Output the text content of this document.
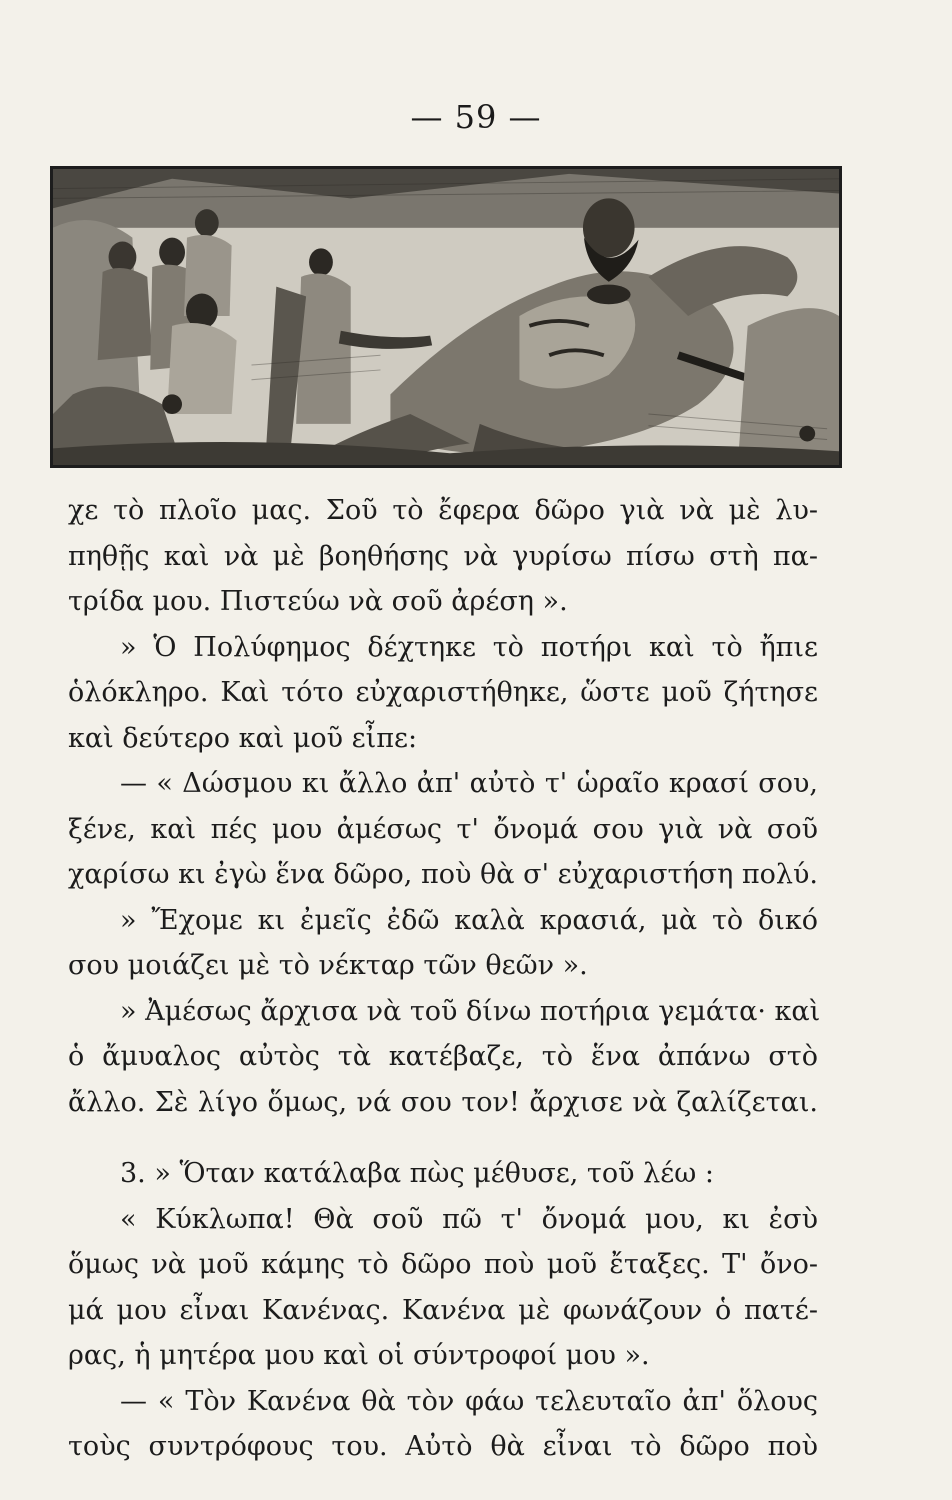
— 59 —
χε τὸ πλοῖο μας. Σοῦ τὸ ἔφερα δῶρο γιὰ νὰ μὲ λυ-
πηθῇς καὶ νὰ μὲ βοηθήσης νὰ γυρίσω πίσω στὴ πα-
τρίδα μου. Πιστεύω νὰ σοῦ ἀρέση ».
» Ὁ Πολύφημος δέχτηκε τὸ ποτήρι καὶ τὸ ἤπιε
ὁλόκληρο. Καὶ τότο εὐχαριστήθηκε, ὥστε μοῦ ζήτησε
καὶ δεύτερο καὶ μοῦ εἶπε:
— « Δώσμου κι ἄλλο ἀπ' αὐτὸ τ' ὡραῖο κρασί σου,
ξένε, καὶ πές μου ἀμέσως τ' ὄνομά σου γιὰ νὰ σοῦ
χαρίσω κι ἐγὼ ἕνα δῶρο, ποὺ θὰ σ' εὐχαριστήση πολύ.
» Ἔχομε κι ἐμεῖς ἐδῶ καλὰ κρασιά, μὰ τὸ δικό
σου μοιάζει μὲ τὸ νέκταρ τῶν θεῶν ».
» Ἀμέσως ἄρχισα νὰ τοῦ δίνω ποτήρια γεμάτα· καὶ
ὁ ἄμυαλος αὐτὸς τὰ κατέβαζε, τὸ ἕνα ἀπάνω στὸ
ἄλλο. Σὲ λίγο ὅμως, νά σου τον! ἄρχισε νὰ ζαλίζεται.
3. » Ὅταν κατάλαβα πὼς μέθυσε, τοῦ λέω :
« Κύκλωπα! Θὰ σοῦ πῶ τ' ὄνομά μου, κι ἐσὺ
ὅμως νὰ μοῦ κάμης τὸ δῶρο ποὺ μοῦ ἔταξες. Τ' ὄνο-
μά μου εἶναι Κανένας. Κανένα μὲ φωνάζουν ὁ πατέ-
ρας, ἡ μητέρα μου καὶ οἱ σύντροφοί μου ».
— « Τὸν Κανένα θὰ τὸν φάω τελευταῖο ἀπ' ὅλους
τοὺς συντρόφους του. Αὐτὸ θὰ εἶναι τὸ δῶρο ποὺ
